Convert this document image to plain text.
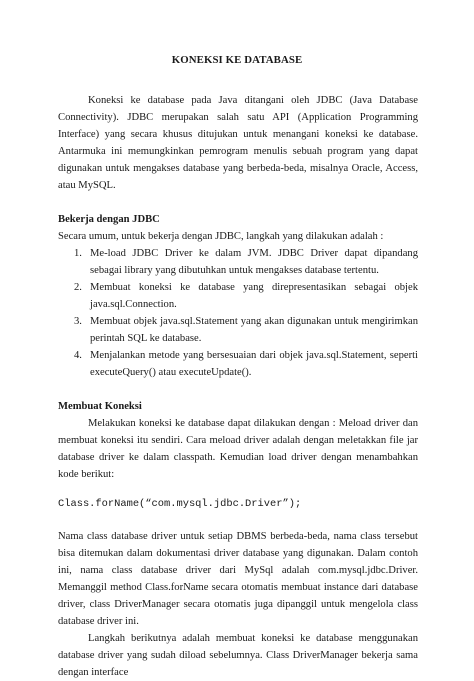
KONEKSI KE DATABASE

Koneksi ke database pada Java ditangani oleh JDBC (Java Database Connectivity). JDBC merupakan salah satu API (Application Programming Interface) yang secara khusus ditujukan untuk menangani koneksi ke database. Antarmuka ini memungkinkan pemrogram menulis sebuah program yang dapat digunakan untuk mengakses database yang berbeda-beda, misalnya Oracle, Access, atau MySQL.

Bekerja dengan JDBC

Secara umum, untuk bekerja dengan JDBC, langkah yang dilakukan adalah :

1. Me-load JDBC Driver ke dalam JVM. JDBC Driver dapat dipandang sebagai library yang dibutuhkan untuk mengakses database tertentu.
2. Membuat koneksi ke database yang direpresentasikan sebagai objek java.sql.Connection.
3. Membuat objek java.sql.Statement yang akan digunakan untuk mengirimkan perintah SQL ke database.
4. Menjalankan metode yang bersesuaian dari objek java.sql.Statement, seperti executeQuery() atau executeUpdate().

Membuat Koneksi

Melakukan koneksi ke database dapat dilakukan dengan : Meload driver dan membuat koneksi itu sendiri. Cara meload driver adalah dengan meletakkan file jar database driver ke dalam classpath. Kemudian load driver dengan menambahkan kode berikut:

Class.forName(“com.mysql.jdbc.Driver”);

Nama class database driver untuk setiap DBMS berbeda-beda, nama class tersebut bisa ditemukan dalam dokumentasi driver database yang digunakan. Dalam contoh ini, nama class database driver dari MySql adalah com.mysql.jdbc.Driver. Memanggil method Class.forName secara otomatis membuat instance dari database driver, class DriverManager secara otomatis juga dipanggil untuk mengelola class database driver ini.

Langkah berikutnya adalah membuat koneksi ke database menggunakan database driver yang sudah diload sebelumnya. Class DriverManager bekerja sama dengan interface
